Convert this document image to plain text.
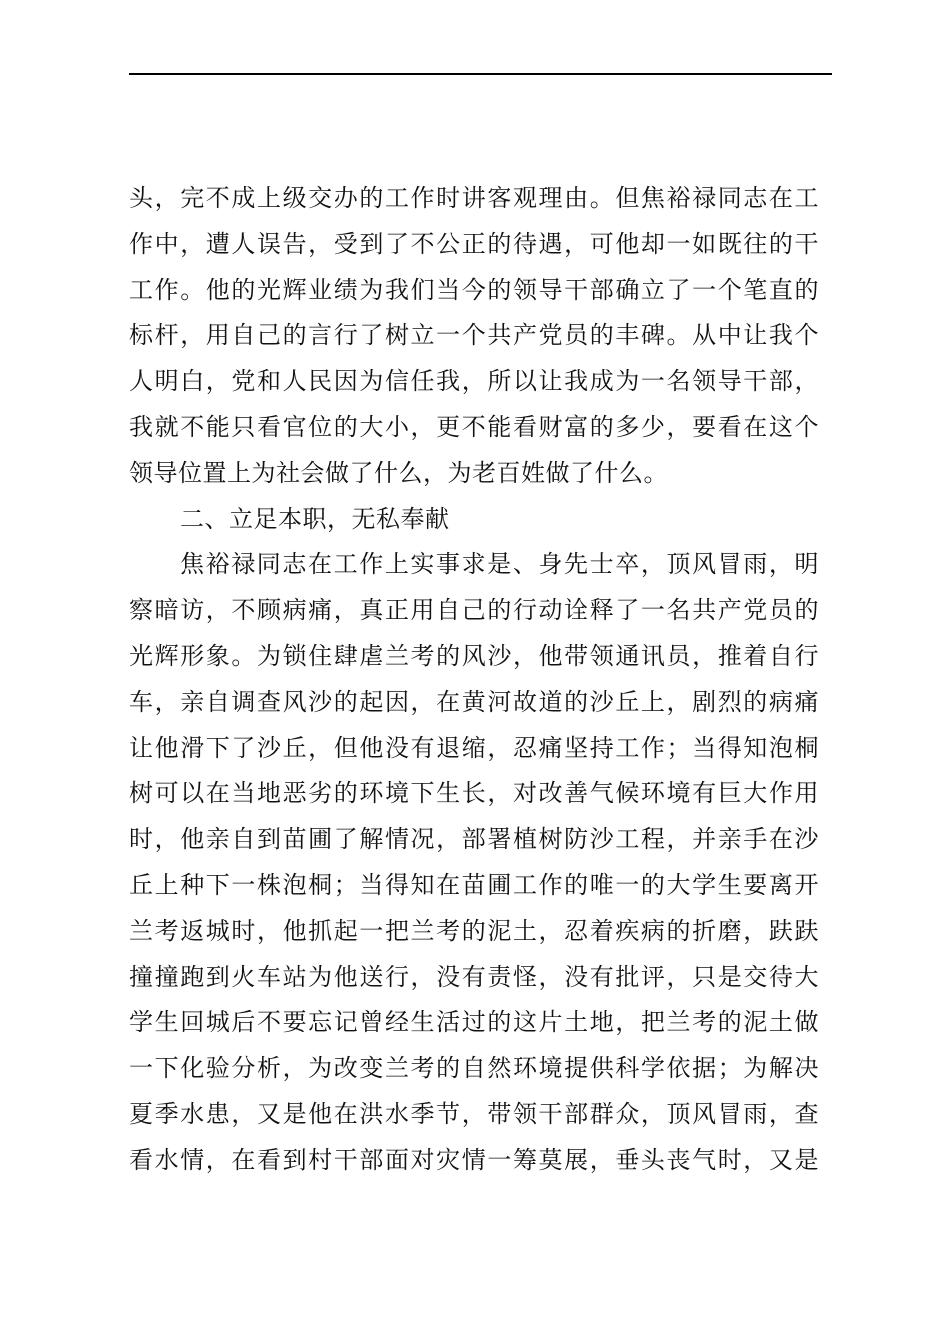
头，完不成上级交办的工作时讲客观理由。但焦裕禄同志在工
作中，遭人误告，受到了不公正的待遇，可他却一如既往的干
工作。他的光辉业绩为我们当今的领导干部确立了一个笔直的
标杆，用自己的言行了树立一个共产党员的丰碑。从中让我个
人明白，党和人民因为信任我，所以让我成为一名领导干部，
我就不能只看官位的大小，更不能看财富的多少，要看在这个
领导位置上为社会做了什么，为老百姓做了什么。
二、立足本职，无私奉献
焦裕禄同志在工作上实事求是、身先士卒，顶风冒雨，明
察暗访，不顾病痛，真正用自己的行动诠释了一名共产党员的
光辉形象。为锁住肆虐兰考的风沙，他带领通讯员，推着自行
车，亲自调查风沙的起因，在黄河故道的沙丘上，剧烈的病痛
让他滑下了沙丘，但他没有退缩，忍痛坚持工作；当得知泡桐
树可以在当地恶劣的环境下生长，对改善气候环境有巨大作用
时，他亲自到苗圃了解情况，部署植树防沙工程，并亲手在沙
丘上种下一株泡桐；当得知在苗圃工作的唯一的大学生要离开
兰考返城时，他抓起一把兰考的泥土，忍着疾病的折磨，趺趺
撞撞跑到火车站为他送行，没有责怪，没有批评，只是交待大
学生回城后不要忘记曾经生活过的这片土地，把兰考的泥土做
一下化验分析，为改变兰考的自然环境提供科学依据；为解决
夏季水患，又是他在洪水季节，带领干部群众，顶风冒雨，查
看水情，在看到村干部面对灾情一筹莫展，垂头丧气时，又是
